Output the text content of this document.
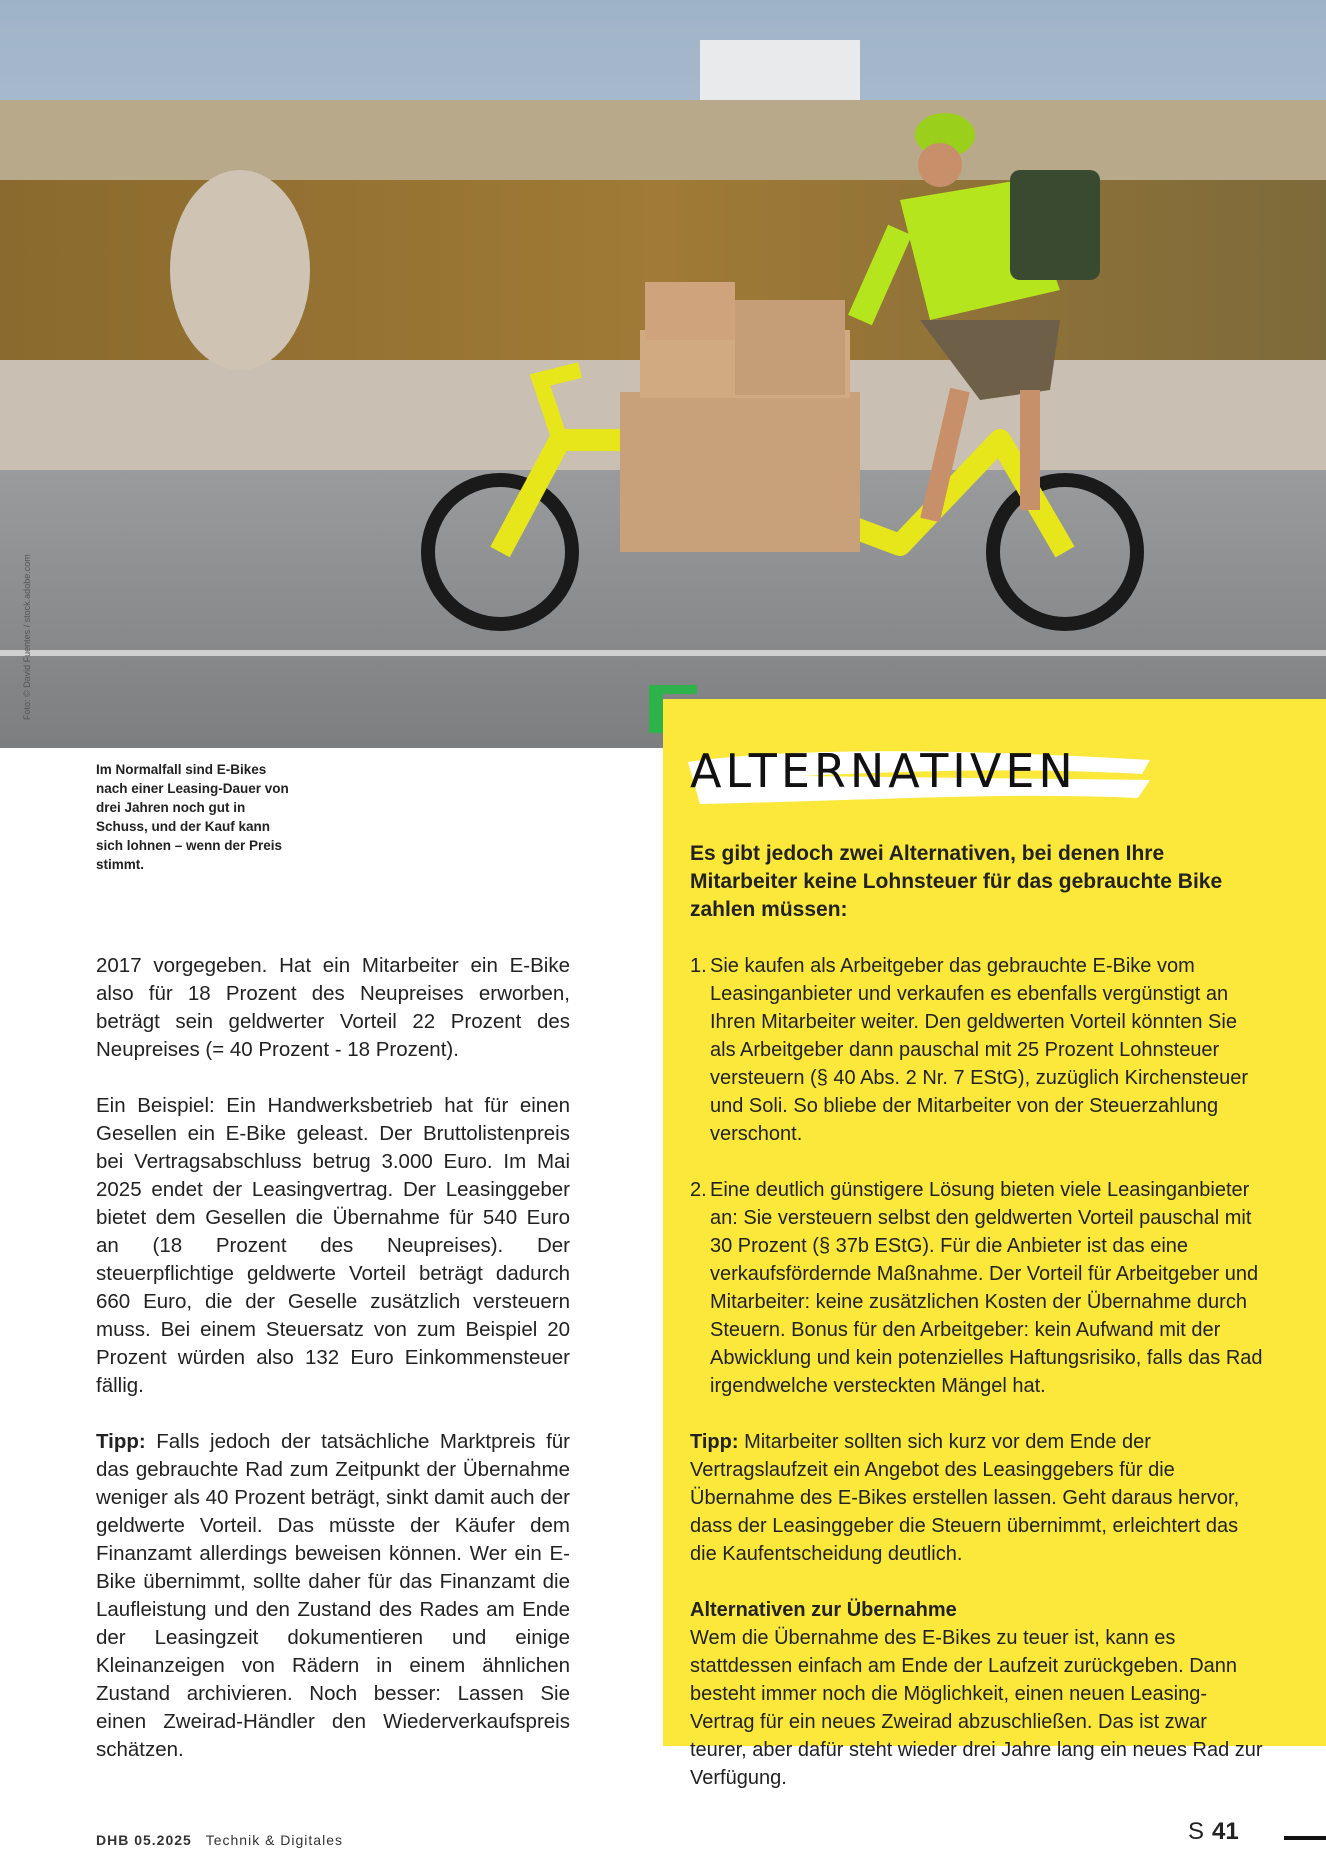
Foto: © David Fuentes / stock.adobe.com
Im Normalfall sind E-Bikes nach einer Leasing-Dauer von drei Jahren noch gut in Schuss, und der Kauf kann sich lohnen – wenn der Preis stimmt.

2017 vorgegeben. Hat ein Mitarbeiter ein E-Bike also für 18 Prozent des Neupreises erworben, beträgt sein geldwerter Vorteil 22 Prozent des Neupreises (= 40 Prozent - 18 Prozent).

Ein Beispiel: Ein Handwerksbetrieb hat für einen Gesellen ein E-Bike geleast. Der Bruttolistenpreis bei Vertragsabschluss betrug 3.000 Euro. Im Mai 2025 endet der Leasingvertrag. Der Leasinggeber bietet dem Gesellen die Übernahme für 540 Euro an (18 Prozent des Neupreises). Der steuerpflichtige geldwerte Vorteil beträgt dadurch 660 Euro, die der Geselle zusätzlich versteuern muss. Bei einem Steuersatz von zum Beispiel 20 Prozent würden also 132 Euro Einkommensteuer fällig.

Tipp: Falls jedoch der tatsächliche Marktpreis für das gebrauchte Rad zum Zeitpunkt der Übernahme weniger als 40 Prozent beträgt, sinkt damit auch der geldwerte Vorteil. Das müsste der Käufer dem Finanzamt allerdings beweisen können. Wer ein E-Bike übernimmt, sollte daher für das Finanzamt die Laufleistung und den Zustand des Rades am Ende der Leasingzeit dokumentieren und einige Kleinanzeigen von Rädern in einem ähnlichen Zustand archivieren. Noch besser: Lassen Sie einen Zweirad-Händler den Wiederverkaufspreis schätzen.

ALTERNATIVEN

Es gibt jedoch zwei Alternativen, bei denen Ihre Mitarbeiter keine Lohnsteuer für das gebrauchte Bike zahlen müssen:

1. Sie kaufen als Arbeitgeber das gebrauchte E-Bike vom Leasinganbieter und verkaufen es ebenfalls vergünstigt an Ihren Mitarbeiter weiter. Den geldwerten Vorteil könnten Sie als Arbeitgeber dann pauschal mit 25 Prozent Lohnsteuer versteuern (§ 40 Abs. 2 Nr. 7 EStG), zuzüglich Kirchensteuer und Soli. So bliebe der Mitarbeiter von der Steuerzahlung verschont.
2. Eine deutlich günstigere Lösung bieten viele Leasinganbieter an: Sie versteuern selbst den geldwerten Vorteil pauschal mit 30 Prozent (§ 37b EStG). Für die Anbieter ist das eine verkaufsfördernde Maßnahme. Der Vorteil für Arbeitgeber und Mitarbeiter: keine zusätzlichen Kosten der Übernahme durch Steuern. Bonus für den Arbeitgeber: kein Aufwand mit der Abwicklung und kein potenzielles Haftungsrisiko, falls das Rad irgendwelche versteckten Mängel hat.

Tipp: Mitarbeiter sollten sich kurz vor dem Ende der Vertragslaufzeit ein Angebot des Leasinggebers für die Übernahme des E-Bikes erstellen lassen. Geht daraus hervor, dass der Leasinggeber die Steuern übernimmt, erleichtert das die Kaufentscheidung deutlich.

Alternativen zur Übernahme
Wem die Übernahme des E-Bikes zu teuer ist, kann es stattdessen einfach am Ende der Laufzeit zurückgeben. Dann besteht immer noch die Möglichkeit, einen neuen Leasing-Vertrag für ein neues Zweirad abzuschließen. Das ist zwar teurer, aber dafür steht wieder drei Jahre lang ein neues Rad zur Verfügung.

DHB 05.2025 Technik & Digitales	S 41
